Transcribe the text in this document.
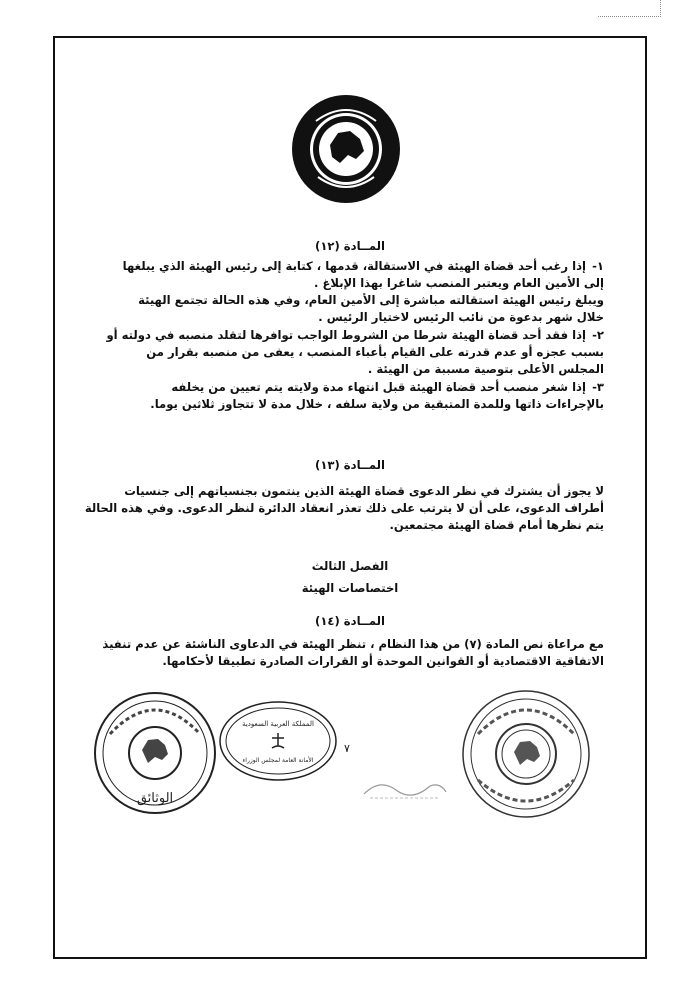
المــادة (١٢)
١-إذا رغب أحد قضاة الهيئة في الاستقالة، قدمها ، كتابة إلى رئيس الهيئة الذي يبلغها
إلى الأمين العام ويعتبر المنصب شاغرا بهذا الإبلاغ .
ويبلغ رئيس الهيئة استقالته مباشرة إلى الأمين العام، وفي هذه الحالة تجتمع الهيئة
خلال شهر بدعوة من نائب الرئيس لاختيار الرئيس .
٢-إذا فقد أحد قضاة الهيئة شرطا من الشروط الواجب توافرها لتقلد منصبه في دولته أو
بسبب عجزه أو عدم قدرته على القيام بأعباء المنصب ، يعفى من منصبه بقرار من
المجلس الأعلى بتوصية مسببة من الهيئة .
٣-إذا شغر منصب أحد قضاة الهيئة قبل انتهاء مدة ولايته يتم تعيين من يخلفه
بالإجراءات ذاتها وللمدة المتبقية من ولاية سلفه ، خلال مدة لا تتجاوز ثلاثين يوما.
المــادة (١٣)
لا يجوز أن يشترك في نظر الدعوى قضاة الهيئة الذين ينتمون بجنسياتهم إلى جنسيات
أطراف الدعوى، على أن لا يترتب على ذلك تعذر انعقاد الدائرة لنظر الدعوى. وفي هذه الحالة
يتم نظرها أمام قضاة الهيئة مجتمعين.
الفصل الثالث
اختصاصات الهيئة
المــادة (١٤)
مع مراعاة نص المادة (٧) من هذا النظام ، تنظر الهيئة في الدعاوى الناشئة عن عدم تنفيذ
الاتفاقية الاقتصادية أو القوانين الموحدة أو القرارات الصادرة تطبيقا لأحكامها.
الوثائق
المملكة العربية السعودية
الأمانة العامة لمجلس الوزراء
٧
